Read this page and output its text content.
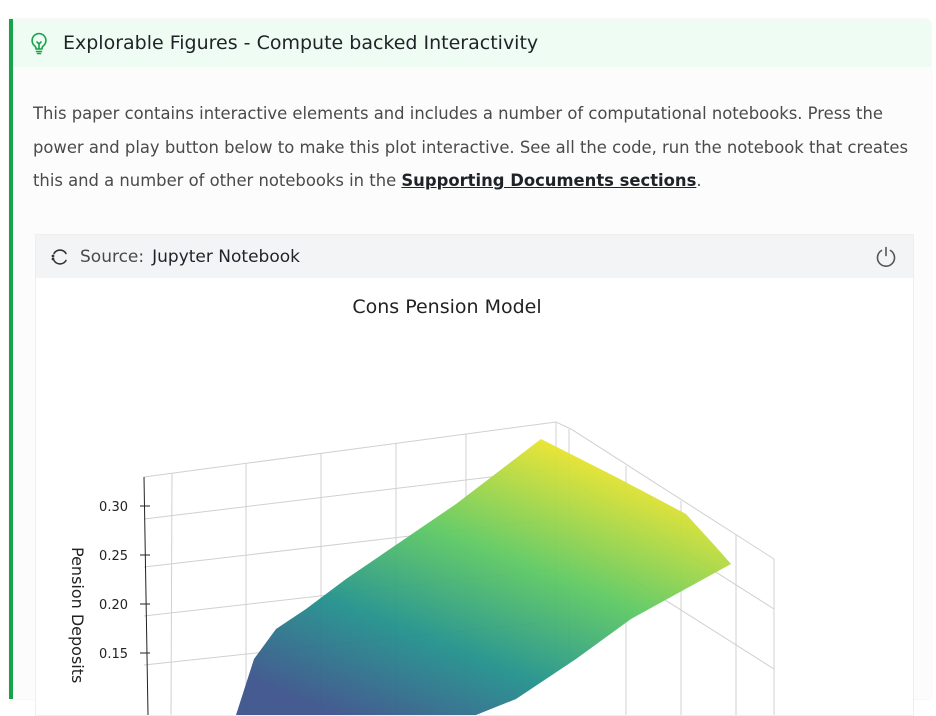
Explorable Figures - Compute backed Interactivity
This paper contains interactive elements and includes a number of computational notebooks. Press the power and play button below to make this plot interactive. See all the code, run the notebook that creates this and a number of other notebooks in the Supporting Documents sections.
Source: Jupyter Notebook
Cons Pension Model
0.30
0.25
0.20
0.15
Pension Deposits
